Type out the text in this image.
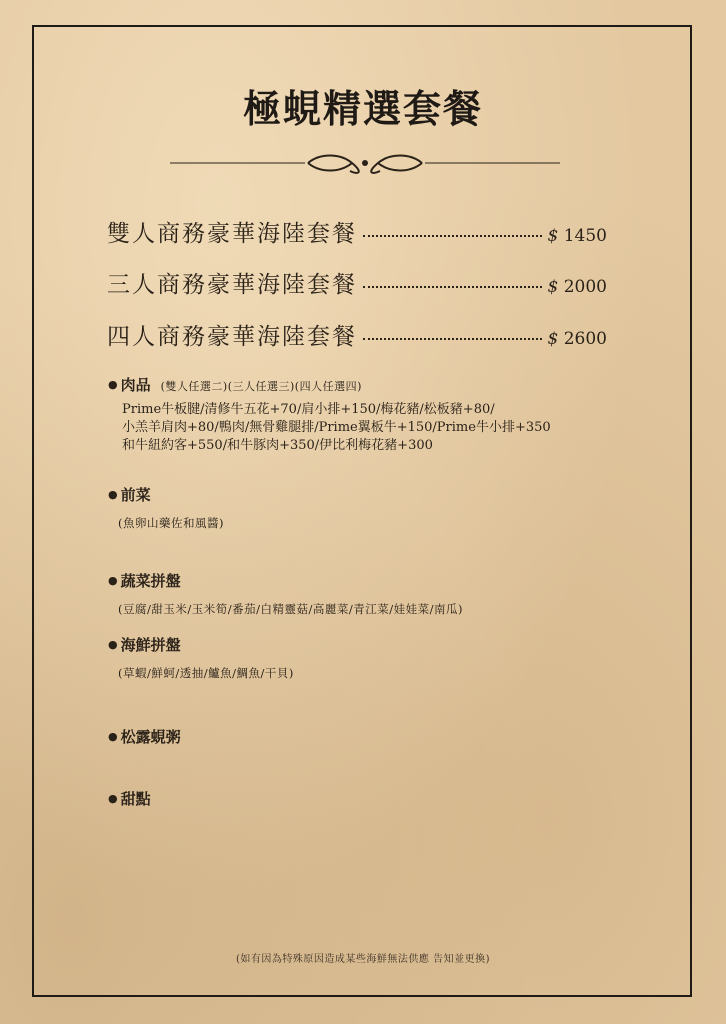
極蜆精選套餐
雙人商務豪華海陸套餐	$ 1450
三人商務豪華海陸套餐	$ 2000
四人商務豪華海陸套餐	$ 2600
● 肉品 (雙人任選二)(三人任選三)(四人任選四)
Prime牛板腱/清修牛五花+70/肩小排+150/梅花豬/松板豬+80/
小羔羊肩肉+80/鴨肉/無骨雞腿排/Prime翼板牛+150/Prime牛小排+350
和牛紐約客+550/和牛豚肉+350/伊比利梅花豬+300
● 前菜
(魚卵山藥佐和風醬)
● 蔬菜拼盤
(豆腐/甜玉米/玉米筍/番茄/白精靈菇/高麗菜/青江菜/娃娃菜/南瓜)
● 海鮮拼盤
(草蝦/鮮蚵/透抽/鱸魚/鯛魚/干貝)
● 松露蜆粥
● 甜點
(如有因為特殊原因造成某些海鮮無法供應 告知並更換)
